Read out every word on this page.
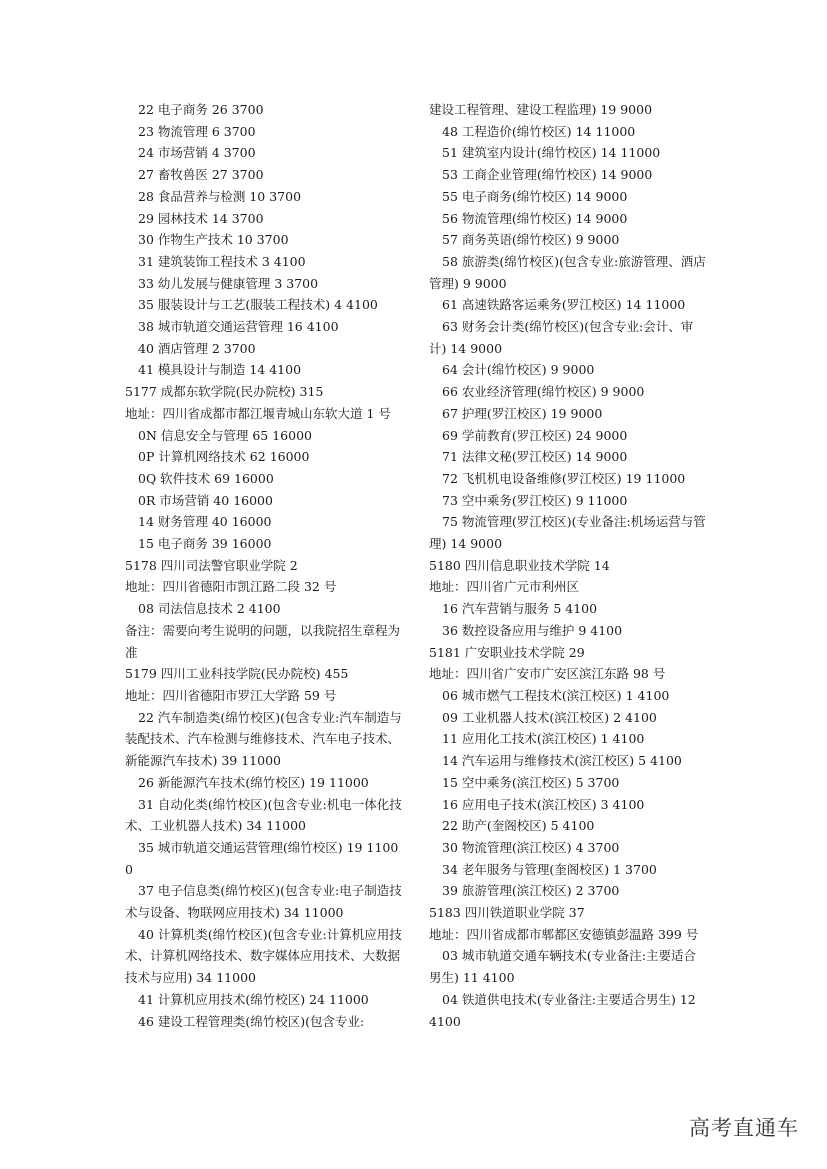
22 电子商务 26 3700
23 物流管理 6 3700
24 市场营销 4 3700
27 畜牧兽医 27 3700
28 食品营养与检测 10 3700
29 园林技术 14 3700
30 作物生产技术 10 3700
31 建筑装饰工程技术 3 4100
33 幼儿发展与健康管理 3 3700
35 服装设计与工艺(服装工程技术) 4 4100
38 城市轨道交通运营管理 16 4100
40 酒店管理 2 3700
41 模具设计与制造 14 4100
5177 成都东软学院(民办院校) 315
地址：四川省成都市都江堰青城山东软大道 1 号
0N 信息安全与管理 65 16000
0P 计算机网络技术 62 16000
0Q 软件技术 69 16000
0R 市场营销 40 16000
14 财务管理 40 16000
15 电子商务 39 16000
5178 四川司法警官职业学院 2
地址：四川省德阳市凯江路二段 32 号
08 司法信息技术 2 4100
备注：需要向考生说明的问题，以我院招生章程为准
5179 四川工业科技学院(民办院校) 455
地址：四川省德阳市罗江大学路 59 号
22 汽车制造类(绵竹校区)(包含专业:汽车制造与装配技术、汽车检测与维修技术、汽车电子技术、新能源汽车技术) 39 11000
26 新能源汽车技术(绵竹校区) 19 11000
31 自动化类(绵竹校区)(包含专业:机电一体化技术、工业机器人技术) 34 11000
35 城市轨道交通运营管理(绵竹校区) 19 11000
37 电子信息类(绵竹校区)(包含专业:电子制造技术与设备、物联网应用技术) 34 11000
40 计算机类(绵竹校区)(包含专业:计算机应用技术、计算机网络技术、数字媒体应用技术、大数据技术与应用) 34 11000
41 计算机应用技术(绵竹校区) 24 11000
46 建设工程管理类(绵竹校区)(包含专业:
建设工程管理、建设工程监理) 19 9000
48 工程造价(绵竹校区) 14 11000
51 建筑室内设计(绵竹校区) 14 11000
53 工商企业管理(绵竹校区) 14 9000
55 电子商务(绵竹校区) 14 9000
56 物流管理(绵竹校区) 14 9000
57 商务英语(绵竹校区) 9 9000
58 旅游类(绵竹校区)(包含专业:旅游管理、酒店管理) 9 9000
61 高速铁路客运乘务(罗江校区) 14 11000
63 财务会计类(绵竹校区)(包含专业:会计、审计) 14 9000
64 会计(绵竹校区) 9 9000
66 农业经济管理(绵竹校区) 9 9000
67 护理(罗江校区) 19 9000
69 学前教育(罗江校区) 24 9000
71 法律文秘(罗江校区) 14 9000
72 飞机机电设备维修(罗江校区) 19 11000
73 空中乘务(罗江校区) 9 11000
75 物流管理(罗江校区)(专业备注:机场运营与管理) 14 9000
5180 四川信息职业技术学院 14
地址：四川省广元市利州区
16 汽车营销与服务 5 4100
36 数控设备应用与维护 9 4100
5181 广安职业技术学院 29
地址：四川省广安市广安区滨江东路 98 号
06 城市燃气工程技术(滨江校区) 1 4100
09 工业机器人技术(滨江校区) 2 4100
11 应用化工技术(滨江校区) 1 4100
14 汽车运用与维修技术(滨江校区) 5 4100
15 空中乘务(滨江校区) 5 3700
16 应用电子技术(滨江校区) 3 4100
22 助产(奎阁校区) 5 4100
30 物流管理(滨江校区) 4 3700
34 老年服务与管理(奎阁校区) 1 3700
39 旅游管理(滨江校区) 2 3700
5183 四川铁道职业学院 37
地址：四川省成都市郫都区安德镇彭温路 399 号
03 城市轨道交通车辆技术(专业备注:主要适合男生) 11 4100
04 铁道供电技术(专业备注:主要适合男生) 12 4100
高考直通车
